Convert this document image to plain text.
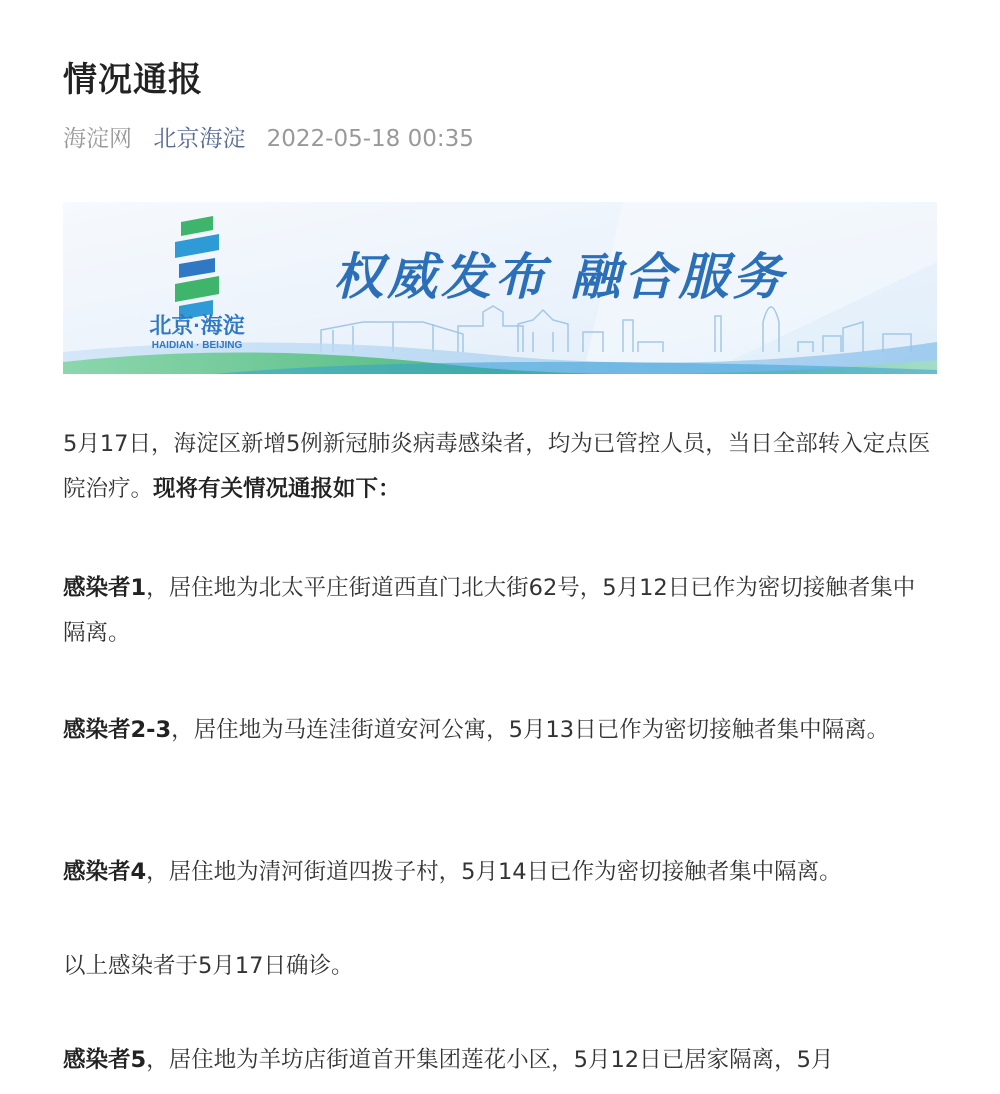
情况通报
海淀网 北京海淀 2022-05-18 00:35
北京·海淀
HAIDIAN · BEIJING
权威发布 融合服务

5月17日，海淀区新增5例新冠肺炎病毒感染者，均为已管控人员，当日全部转入定点医院治疗。现将有关情况通报如下：

感染者1，居住地为北太平庄街道西直门北大街62号，5月12日已作为密切接触者集中隔离。

感染者2-3，居住地为马连洼街道安河公寓，5月13日已作为密切接触者集中隔离。

感染者4，居住地为清河街道四拨子村，5月14日已作为密切接触者集中隔离。

以上感染者于5月17日确诊。

感染者5，居住地为羊坊店街道首开集团莲花小区，5月12日已居家隔离，5月
